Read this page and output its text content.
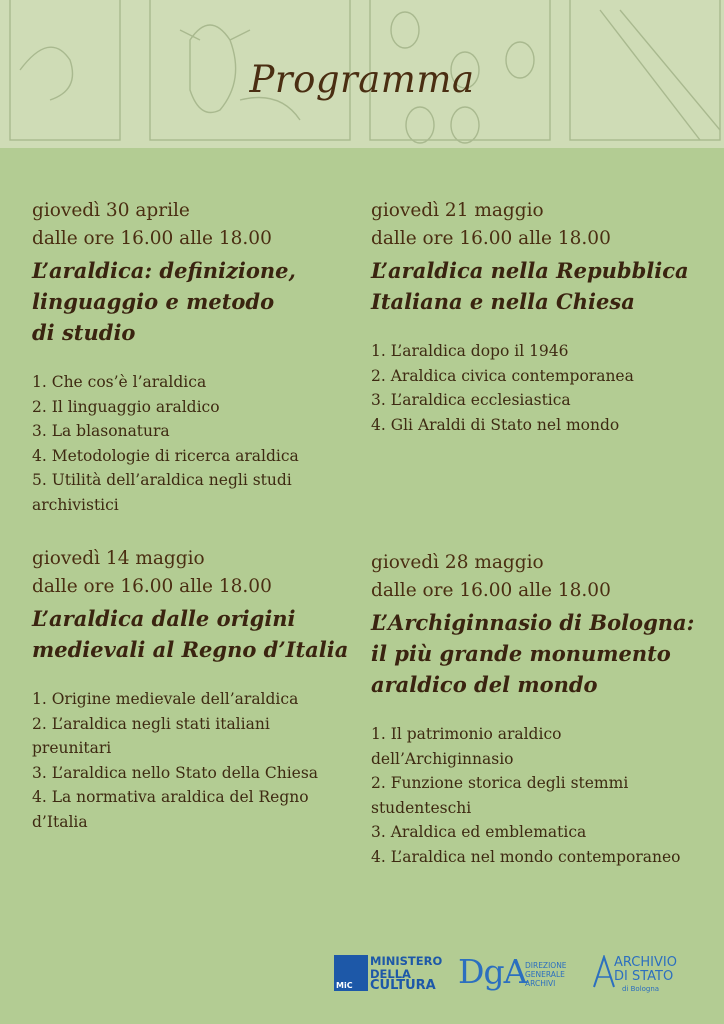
Programma
giovedì 30 aprile
dalle ore 16.00 alle 18.00
L’araldica: definizione,
linguaggio e metodo
di studio
1. Che cos’è l’araldica
2. Il linguaggio araldico
3. La blasonatura
4. Metodologie di ricerca araldica
5. Utilità dell’araldica negli studi
archivistici
giovedì 21 maggio
dalle ore 16.00 alle 18.00
L’araldica nella Repubblica
Italiana e nella Chiesa
1. L’araldica dopo il 1946
2. Araldica civica contemporanea
3. L’araldica ecclesiastica
4. Gli Araldi di Stato nel mondo
giovedì 14 maggio
dalle ore 16.00 alle 18.00
L’araldica dalle origini
medievali al Regno d’Italia
1. Origine medievale dell’araldica
2. L’araldica negli stati italiani
preunitari
3. L’araldica nello Stato della Chiesa
4. La normativa araldica del Regno
d’Italia
giovedì 28 maggio
dalle ore 16.00 alle 18.00
L’Archiginnasio di Bologna:
il più grande monumento
araldico del mondo
1. Il patrimonio araldico
dell’Archiginnasio
2. Funzione storica degli stemmi
studenteschi
3. Araldica ed emblematica
4. L’araldica nel mondo contemporaneo
MiC
MINISTERO
DELLA
CULTURA DgA
DIREZIONE
GENERALE
ARCHIVI
ARCHIVIO
DI STATO
di Bologna
